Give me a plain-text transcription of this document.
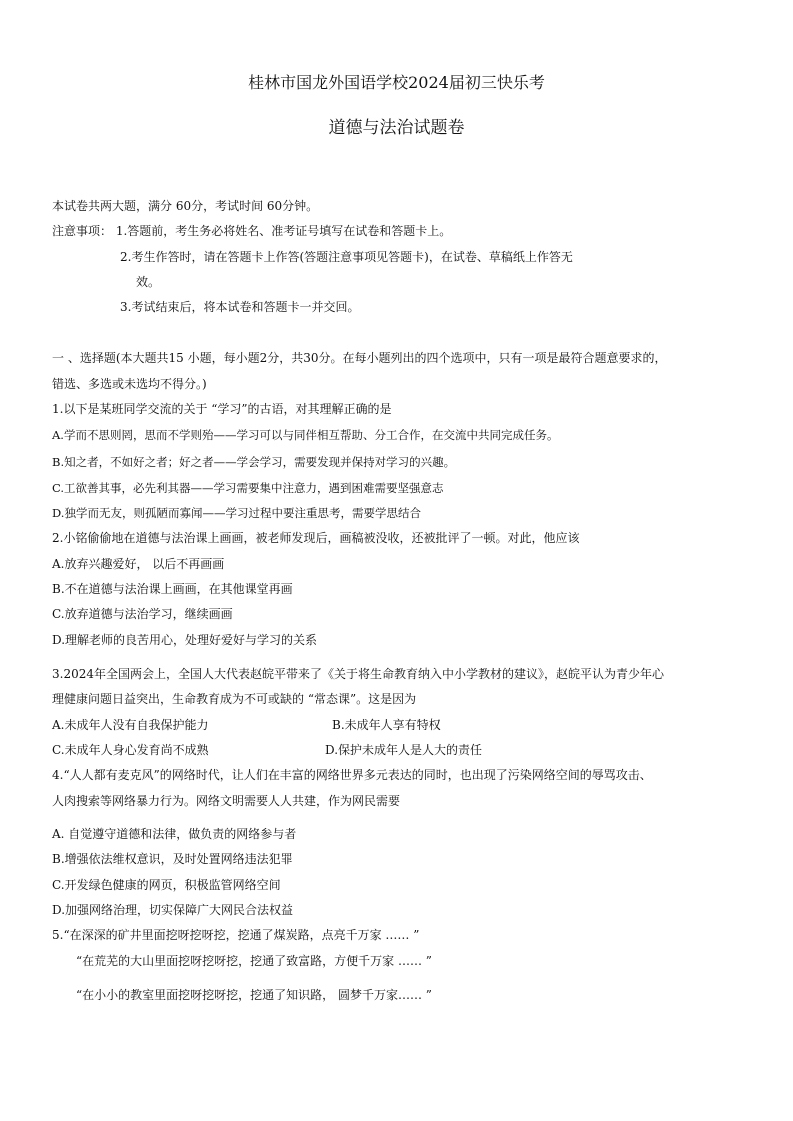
桂林市国龙外国语学校2024届初三快乐考
道德与法治试题卷
本试卷共两大题，满分 60分，考试时间 60分钟。
注意事项： 1.答题前，考生务必将姓名、准考证号填写在试卷和答题卡上。
2.考生作答时，请在答题卡上作答(答题注意事项见答题卡)，在试卷、草稿纸上作答无
效。
3.考试结束后，将本试卷和答题卡一并交回。
一 、选择题(本大题共15 小题，每小题2分，共30分。在每小题列出的四个选项中，只有一项是最符合题意要求的，
错选、多选或未选均不得分。)
1.以下是某班同学交流的关于 “学习”的古语，对其理解正确的是
A.学而不思则罔，思而不学则殆——学习可以与同伴相互帮助、分工合作，在交流中共同完成任务。
B.知之者，不如好之者；好之者——学会学习，需要发现并保持对学习的兴趣。
C.工欲善其事，必先利其器——学习需要集中注意力，遇到困难需要坚强意志
D.独学而无友，则孤陋而寡闻——学习过程中要注重思考，需要学思结合
2.小铭偷偷地在道德与法治课上画画，被老师发现后，画稿被没收，还被批评了一顿。对此，他应该
A.放弃兴趣爱好， 以后不再画画
B.不在道德与法治课上画画，在其他课堂再画
C.放弃道德与法治学习，继续画画
D.理解老师的良苦用心，处理好爱好与学习的关系
3.2024年全国两会上，全国人大代表赵皖平带来了《关于将生命教育纳入中小学教材的建议》，赵皖平认为青少年心
理健康问题日益突出，生命教育成为不可或缺的 “常态课”。这是因为
A.未成年人没有自我保护能力	B.未成年人享有特权
C.未成年人身心发育尚不成熟	D.保护未成年人是人大的责任
4.“人人都有麦克风”的网络时代，让人们在丰富的网络世界多元表达的同时，也出现了污染网络空间的辱骂攻击、
人肉搜索等网络暴力行为。网络文明需要人人共建，作为网民需要
A. 自觉遵守道德和法律，做负责的网络参与者
B.增强依法维权意识，及时处置网络违法犯罪
C.开发绿色健康的网页，积极监管网络空间
D.加强网络治理，切实保障广大网民合法权益
5.“在深深的矿井里面挖呀挖呀挖，挖通了煤炭路，点亮千万家 …… ”
“在荒芜的大山里面挖呀挖呀挖，挖通了致富路，方便千万家 …… ”
“在小小的教室里面挖呀挖呀挖，挖通了知识路， 圆梦千万家…… ”
